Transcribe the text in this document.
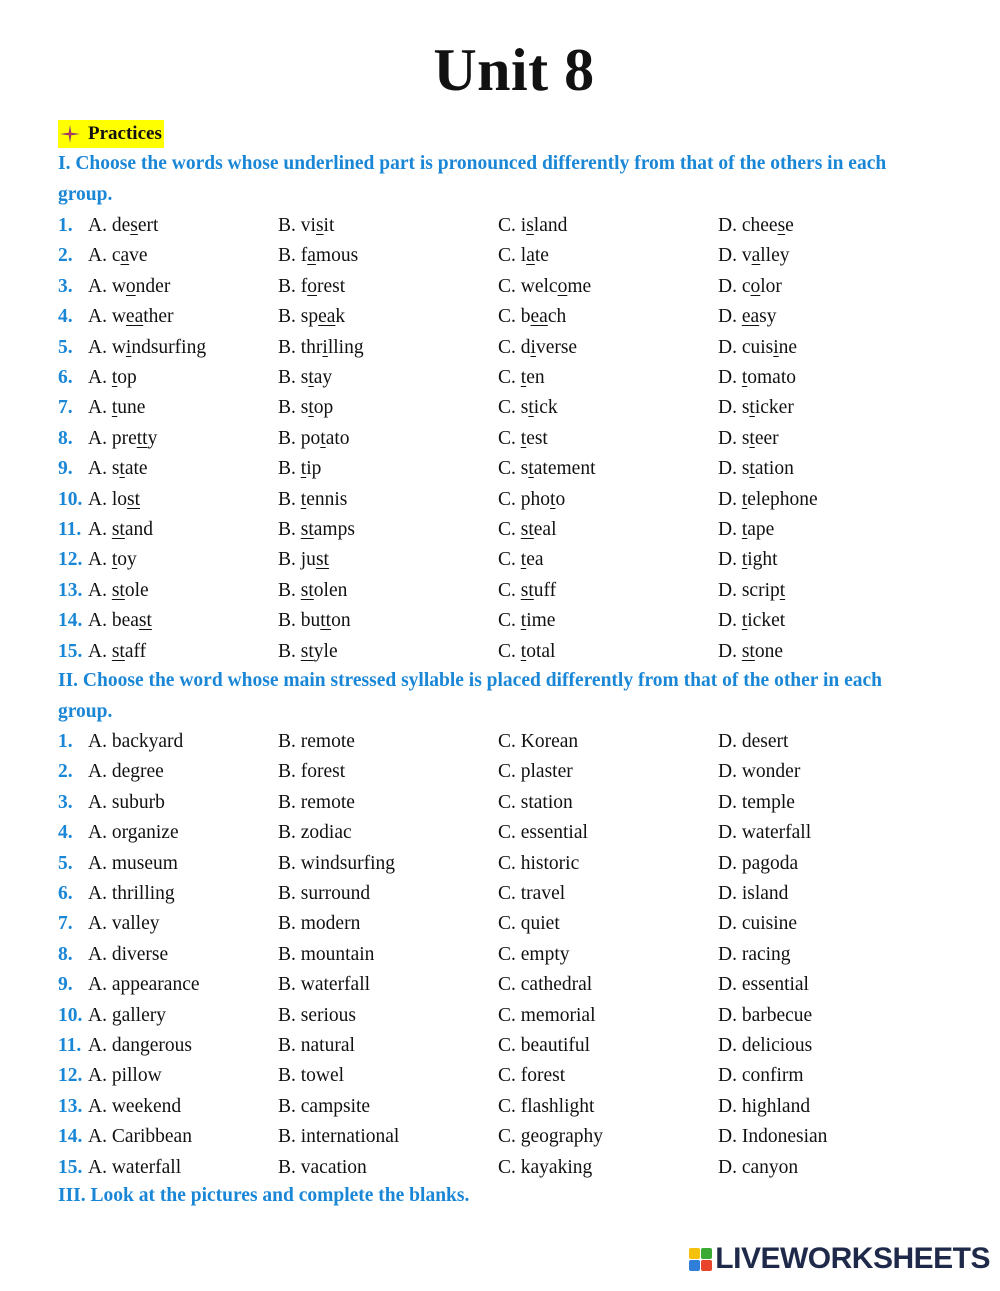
Unit 8
Practices
I. Choose the words whose underlined part is pronounced differently from that of the others in each
group.
1. A. desert	B. visit	C. island	D. cheese
2. A. cave	B. famous	C. late	D. valley
3. A. wonder	B. forest	C. welcome	D. color
4. A. weather	B. speak	C. beach	D. easy
5. A. windsurfing	B. thrilling	C. diverse	D. cuisine
6. A. top	B. stay	C. ten	D. tomato
7. A. tune	B. stop	C. stick	D. sticker
8. A. pretty	B. potato	C. test	D. steer
9. A. state	B. tip	C. statement	D. station
10. A. lost	B. tennis	C. photo	D. telephone
11. A. stand	B. stamps	C. steal	D. tape
12. A. toy	B. just	C. tea	D. tight
13. A. stole	B. stolen	C. stuff	D. script
14. A. beast	B. button	C. time	D. ticket
15. A. staff	B. style	C. total	D. stone
II. Choose the word whose main stressed syllable is placed differently from that of the other in each
group.
1. A. backyard	B. remote	C. Korean	D. desert
2. A. degree	B. forest	C. plaster	D. wonder
3. A. suburb	B. remote	C. station	D. temple
4. A. organize	B. zodiac	C. essential	D. waterfall
5. A. museum	B. windsurfing	C. historic	D. pagoda
6. A. thrilling	B. surround	C. travel	D. island
7. A. valley	B. modern	C. quiet	D. cuisine
8. A. diverse	B. mountain	C. empty	D. racing
9. A. appearance	B. waterfall	C. cathedral	D. essential
10. A. gallery	B. serious	C. memorial	D. barbecue
11. A. dangerous	B. natural	C. beautiful	D. delicious
12. A. pillow	B. towel	C. forest	D. confirm
13. A. weekend	B. campsite	C. flashlight	D. highland
14. A. Caribbean	B. international	C. geography	D. Indonesian
15. A. waterfall	B. vacation	C. kayaking	D. canyon
III. Look at the pictures and complete the blanks.
LIVEWORKSHEETS
